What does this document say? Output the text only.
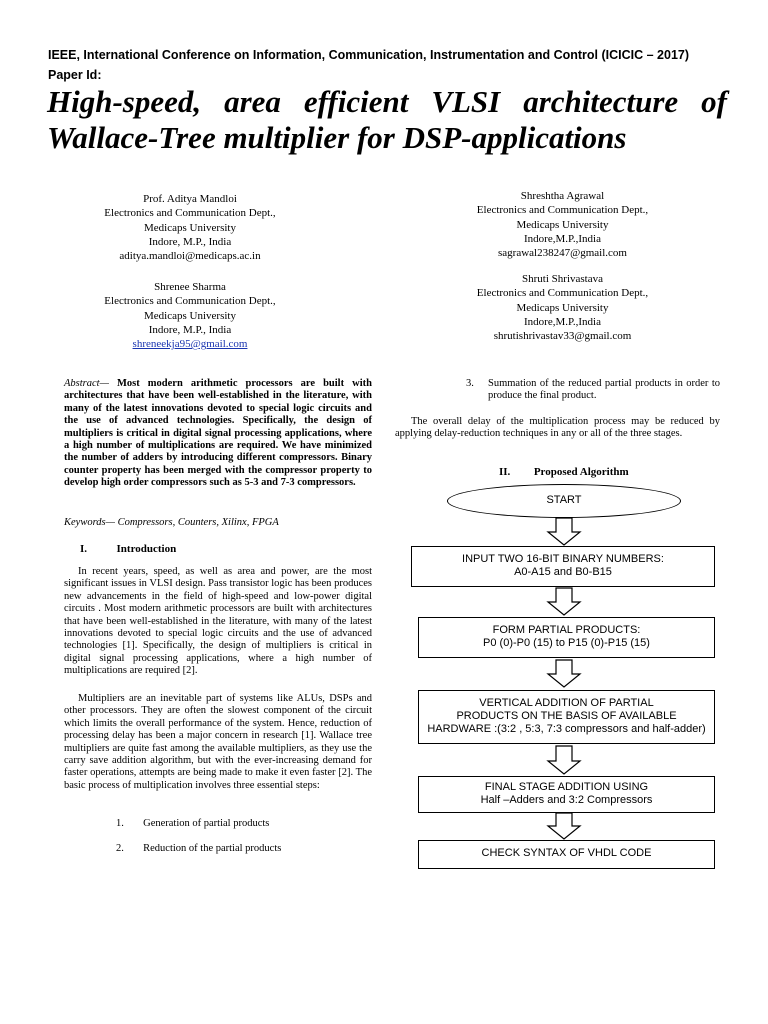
IEEE, International Conference on Information, Communication, Instrumentation and Control (ICICIC – 2017)
Paper Id:
High-speed, area efficient VLSI architecture of
Wallace-Tree multiplier for DSP-applications
Prof. Aditya Mandloi
Electronics and Communication Dept.,
Medicaps University
Indore, M.P., India
aditya.mandloi@medicaps.ac.in
Shrenee Sharma
Electronics and Communication Dept.,
Medicaps University
Indore, M.P., India
shreneekja95@gmail.com
Shreshtha Agrawal
Electronics and Communication Dept.,
Medicaps University
Indore,M.P.,India
sagrawal238247@gmail.com
Shruti Shrivastava
Electronics and Communication Dept.,
Medicaps University
Indore,M.P.,India
shrutishrivastav33@gmail.com
Abstract— Most modern arithmetic processors are built with architectures that have been well-established in the literature, with many of the latest innovations devoted to special logic circuits and the use of advanced technologies. Specifically, the design of multipliers is critical in digital signal processing applications, where a high number of multiplications are required. We have minimized the number of adders by introducing different compressors. Binary counter property has been merged with the compressor property to develop high order compressors such as 5-3 and 7-3 compressors.
Keywords— Compressors, Counters, Xilinx, FPGA
I.	Introduction
In recent years, speed, as well as area and power, are the most significant issues in VLSI design. Pass transistor logic has been produces new advancements in the field of high-speed and low-power digital circuits . Most modern arithmetic processors are built with architectures that have been well-established in the literature, with many of the latest innovations devoted to special logic circuits and the use of advanced technologies [1]. Specifically, the design of multipliers is critical in digital signal processing applications, where a high number of multiplications are required [2].
Multipliers are an inevitable part of systems like ALUs, DSPs and other processors. They are often the slowest component of the circuit which limits the overall performance of the system. Hence, reduction of processing delay has been a major concern in research [1]. Wallace tree multipliers are quite fast among the available multipliers, as they use the carry save addition algorithm, but with the ever-increasing demand for faster operations, attempts are being made to make it even faster [2]. The basic process of multiplication involves three essential steps:
1. Generation of partial products
2. Reduction of the partial products
3. Summation of the reduced partial products in order to produce the final product.
The overall delay of the multiplication process may be reduced by applying delay-reduction techniques in any or all of the three stages.
II. Proposed Algorithm
START
INPUT TWO 16-BIT BINARY NUMBERS:
A0-A15 and B0-B15
FORM PARTIAL PRODUCTS:
P0 (0)-P0 (15) to P15 (0)-P15 (15)
VERTICAL ADDITION OF PARTIAL
PRODUCTS ON THE BASIS OF AVAILABLE
HARDWARE :(3:2 , 5:3, 7:3 compressors and half-adder)
FINAL STAGE ADDITION USING
Half –Adders and 3:2 Compressors
CHECK SYNTAX OF VHDL CODE
